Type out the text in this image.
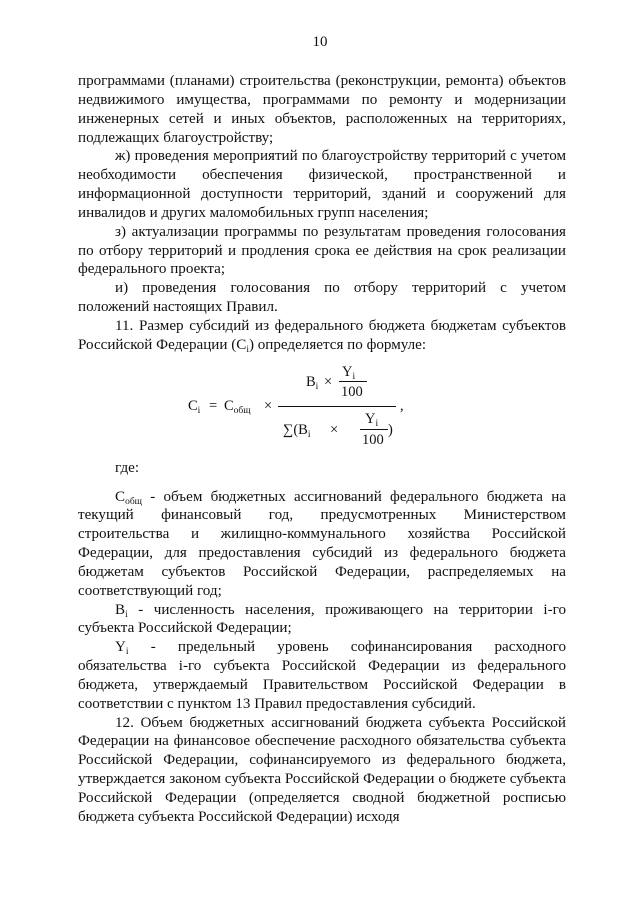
10

программами (планами) строительства (реконструкции, ремонта) объектов недвижимого имущества, программами по ремонту и модернизации инженерных сетей и иных объектов, расположенных на территориях, подлежащих благоустройству;

ж) проведения мероприятий по благоустройству территорий с учетом необходимости обеспечения физической, пространственной и информационной доступности территорий, зданий и сооружений для инвалидов и других маломобильных групп населения;

з) актуализации программы по результатам проведения голосования по отбору территорий и продления срока ее действия на срок реализации федерального проекта;

и) проведения голосования по отбору территорий с учетом положений настоящих Правил.

11. Размер субсидий из федерального бюджета бюджетам субъектов Российской Федерации $(C_i)$ определяется по формуле:

$C_i = C_{общ}$ ×
$B_i$ ×
$Y_i$
100
$\sum(B_i$ ×
$Y_i$
100
)
,

где:

$C_{общ}$ - объем бюджетных ассигнований федерального бюджета на текущий финансовый год, предусмотренных Министерством строительства и жилищно-коммунального хозяйства Российской Федерации, для предоставления субсидий из федерального бюджета бюджетам субъектов Российской Федерации, распределяемых на соответствующий год;

$B_i$ - численность населения, проживающего на территории i-го субъекта Российской Федерации;

$Y_i$ - предельный уровень софинансирования расходного обязательства i-го субъекта Российской Федерации из федерального бюджета, утверждаемый Правительством Российской Федерации в соответствии с пунктом 13 Правил предоставления субсидий.

12. Объем бюджетных ассигнований бюджета субъекта Российской Федерации на финансовое обеспечение расходного обязательства субъекта Российской Федерации, софинансируемого из федерального бюджета, утверждается законом субъекта Российской Федерации о бюджете субъекта Российской Федерации (определяется сводной бюджетной росписью бюджета субъекта Российской Федерации) исходя
